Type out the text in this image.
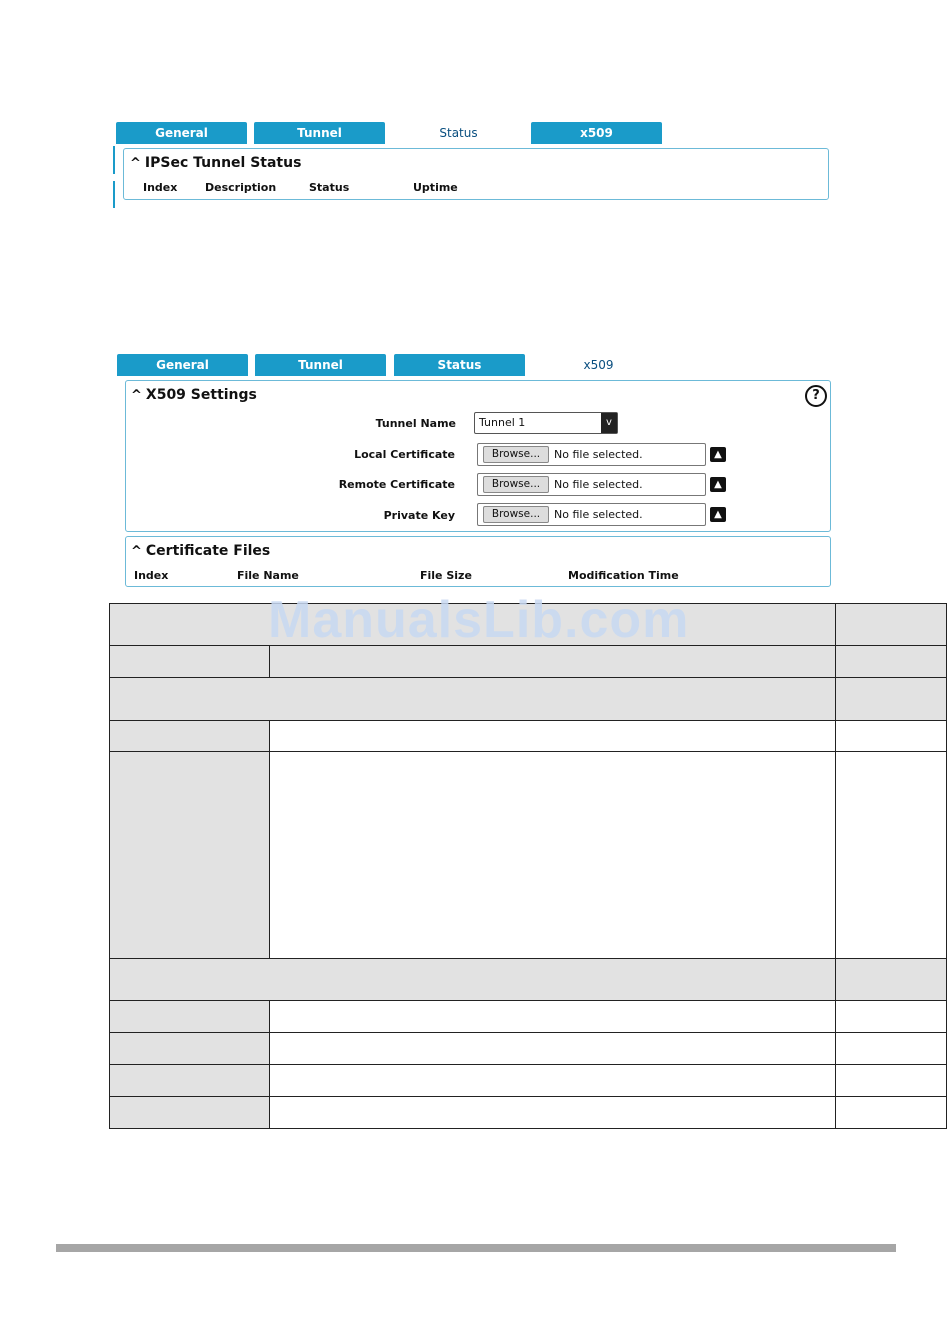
General	Tunnel	Status	x509
^ IPSec Tunnel Status
Index	Description	Status	Uptime
General	Tunnel	Status	x509
^ X509 Settings	?
Tunnel Name Tunnel 1	v
Local Certificate	Browse...	No file selected.	▲
Remote Certificate	Browse...	No file selected.	▲
Private Key	Browse...	No file selected.	▲
^ Certificate Files
Index	File Name	File Size	Modification Time
ManualsLib.com
